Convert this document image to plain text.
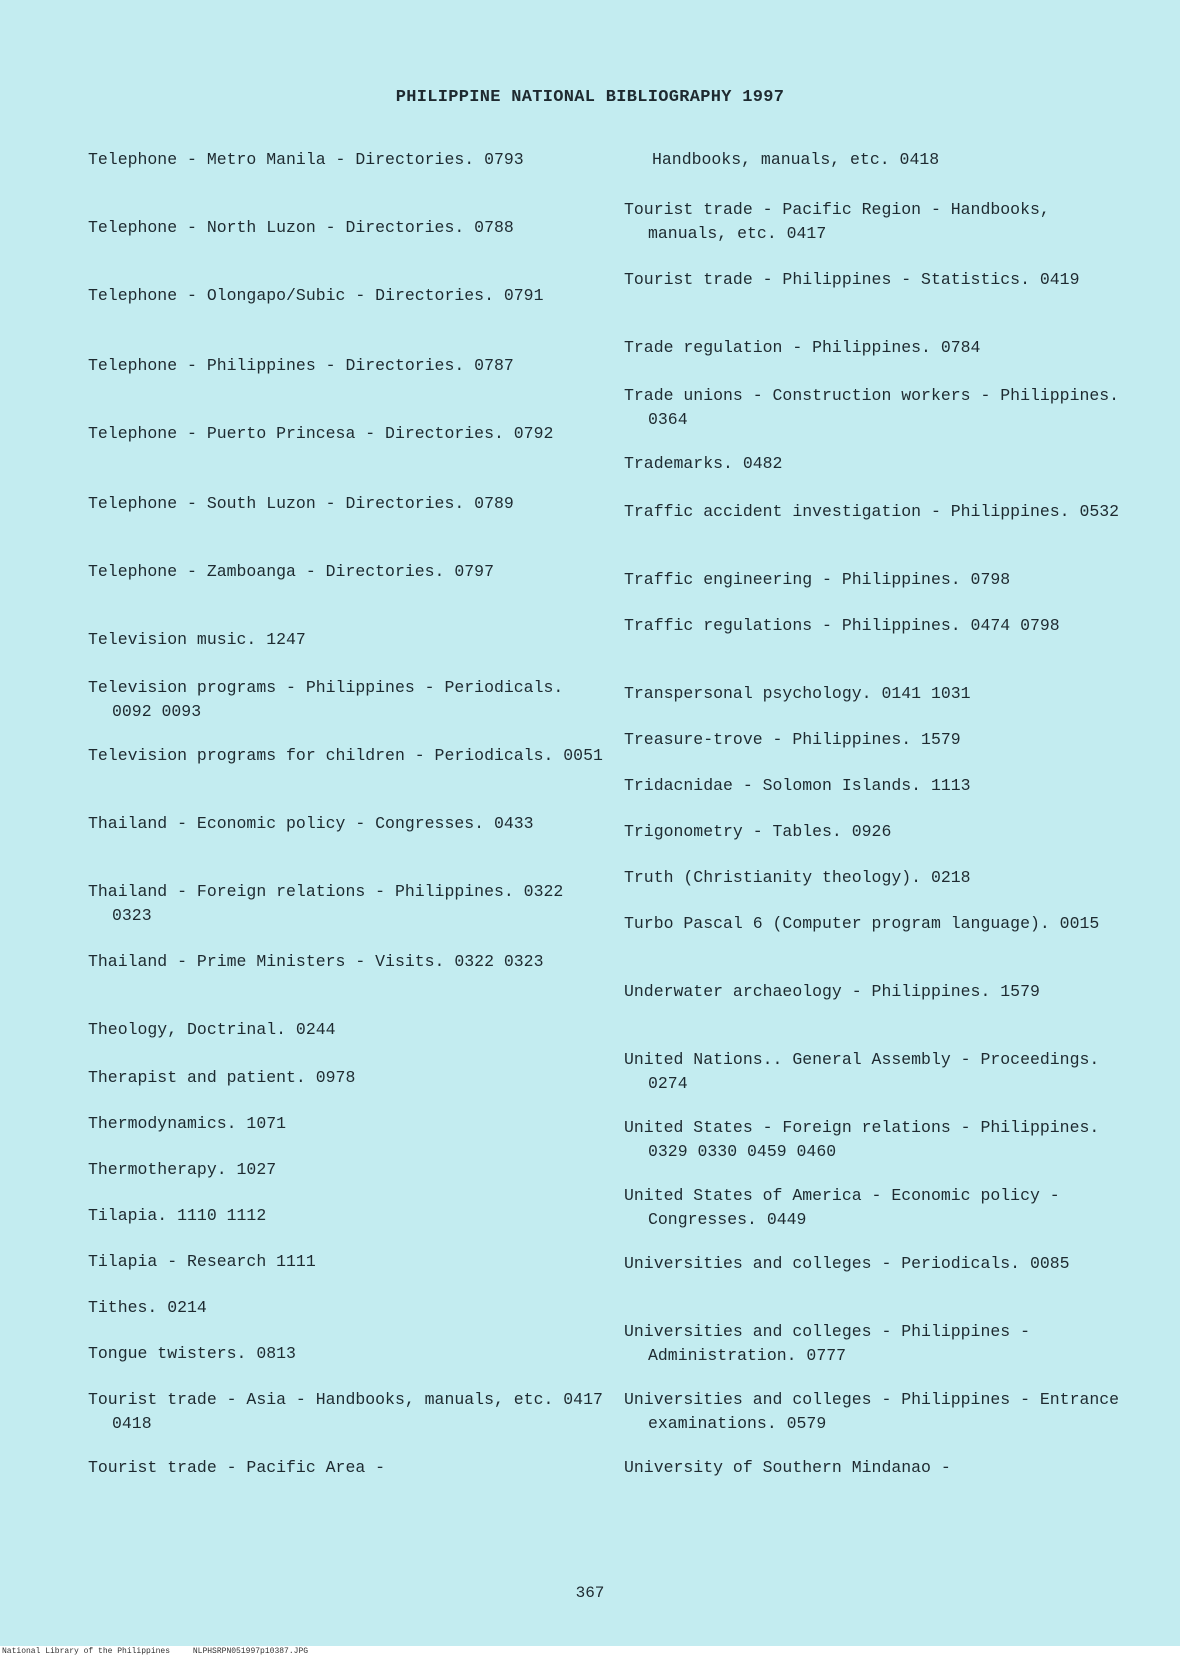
PHILIPPINE NATIONAL BIBLIOGRAPHY 1997
Telephone - Metro Manila - Directories. 0793
Telephone - North Luzon - Directories. 0788
Telephone - Olongapo/Subic - Directories. 0791
Telephone - Philippines - Directories. 0787
Telephone - Puerto Princesa - Directories. 0792
Telephone - South Luzon - Directories. 0789
Telephone - Zamboanga - Directories. 0797
Television music. 1247
Television programs - Philippines - Periodicals. 0092 0093
Television programs for children - Periodicals. 0051
Thailand - Economic policy - Congresses. 0433
Thailand - Foreign relations - Philippines. 0322 0323
Thailand - Prime Ministers - Visits. 0322 0323
Theology, Doctrinal. 0244
Therapist and patient. 0978
Thermodynamics. 1071
Thermotherapy. 1027
Tilapia. 1110 1112
Tilapia - Research 1111
Tithes. 0214
Tongue twisters. 0813
Tourist trade - Asia - Handbooks, manuals, etc. 0417 0418
Tourist trade - Pacific Area -
Handbooks, manuals, etc. 0418
Tourist trade - Pacific Region - Handbooks, manuals, etc. 0417
Tourist trade - Philippines - Statistics. 0419
Trade regulation - Philippines. 0784
Trade unions - Construction workers - Philippines. 0364
Trademarks. 0482
Traffic accident investigation - Philippines. 0532
Traffic engineering - Philippines. 0798
Traffic regulations - Philippines. 0474 0798
Transpersonal psychology. 0141 1031
Treasure-trove - Philippines. 1579
Tridacnidae - Solomon Islands. 1113
Trigonometry - Tables. 0926
Truth (Christianity theology). 0218
Turbo Pascal 6 (Computer program language). 0015
Underwater archaeology - Philippines. 1579
United Nations.. General Assembly - Proceedings. 0274
United States - Foreign relations - Philippines. 0329 0330 0459 0460
United States of America - Economic policy - Congresses. 0449
Universities and colleges - Periodicals. 0085
Universities and colleges - Philippines - Administration. 0777
Universities and colleges - Philippines - Entrance examinations. 0579
University of Southern Mindanao -
367
National Library of the Philippines	NLPHSRPN051997p10387.JPG
